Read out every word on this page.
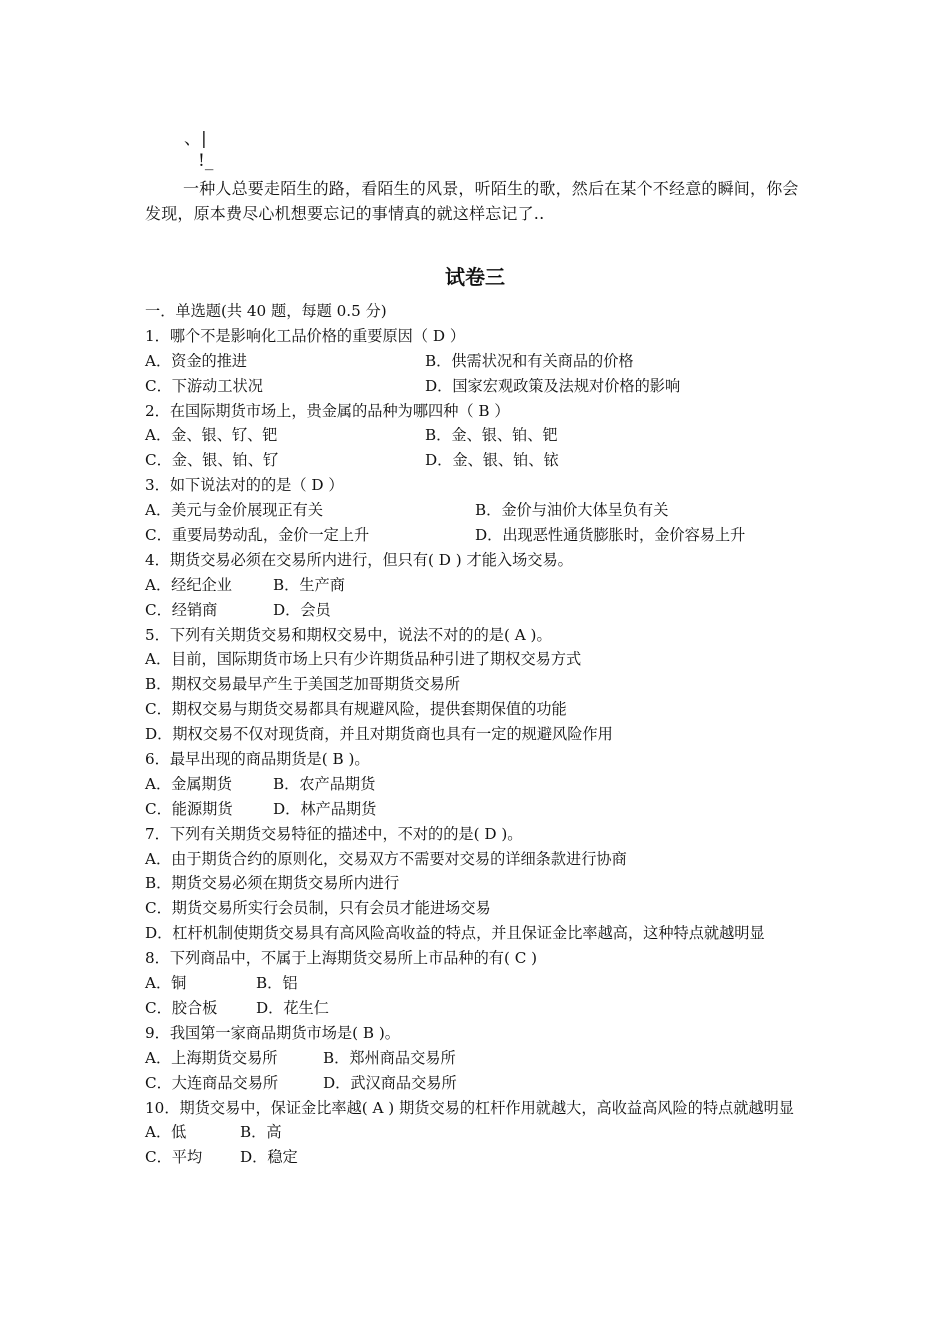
、|
!_
一种人总要走陌生的路，看陌生的风景，听陌生的歌，然后在某个不经意的瞬间，你会发现，原本费尽心机想要忘记的事情真的就这样忘记了..
试卷三
一．单选题(共 40 题，每题 0.5 分)
1．哪个不是影响化工品价格的重要原因（ D ）
A．资金的推进	B．供需状况和有关商品的价格
C．下游动工状况	D．国家宏观政策及法规对价格的影响
2．在国际期货市场上，贵金属的品种为哪四种（ B ）
A．金、银、钌、钯	B．金、银、铂、钯
C．金、银、铂、钌	D．金、银、铂、铱
3．如下说法对的的是（ D ）
A．美元与金价展现正有关	B．金价与油价大体呈负有关
C．重要局势动乱，金价一定上升	D．出现恶性通货膨胀时，金价容易上升
4．期货交易必须在交易所内进行，但只有( D ) 才能入场交易。
A．经纪企业	B．生产商
C．经销商	D．会员
5．下列有关期货交易和期权交易中，说法不对的的是( A )。
A．目前，国际期货市场上只有少许期货品种引进了期权交易方式
B．期权交易最早产生于美国芝加哥期货交易所
C．期权交易与期货交易都具有规避风险，提供套期保值的功能
D．期权交易不仅对现货商，并且对期货商也具有一定的规避风险作用
6．最早出现的商品期货是( B )。
A．金属期货	B．农产品期货
C．能源期货	D．林产品期货
7．下列有关期货交易特征的描述中，不对的的是( D )。
A．由于期货合约的原则化，交易双方不需要对交易的详细条款进行协商
B．期货交易必须在期货交易所内进行
C．期货交易所实行会员制，只有会员才能进场交易
D．杠杆机制使期货交易具有高风险高收益的特点，并且保证金比率越高，这种特点就越明显
8．下列商品中，不属于上海期货交易所上市品种的有( C )
A．铜	B．铝
C．胶合板	D．花生仁
9．我国第一家商品期货市场是( B )。
A．上海期货交易所	B．郑州商品交易所
C．大连商品交易所	D．武汉商品交易所
10．期货交易中，保证金比率越( A ) 期货交易的杠杆作用就越大，高收益高风险的特点就越明显
A．低	B．高
C．平均	D．稳定
